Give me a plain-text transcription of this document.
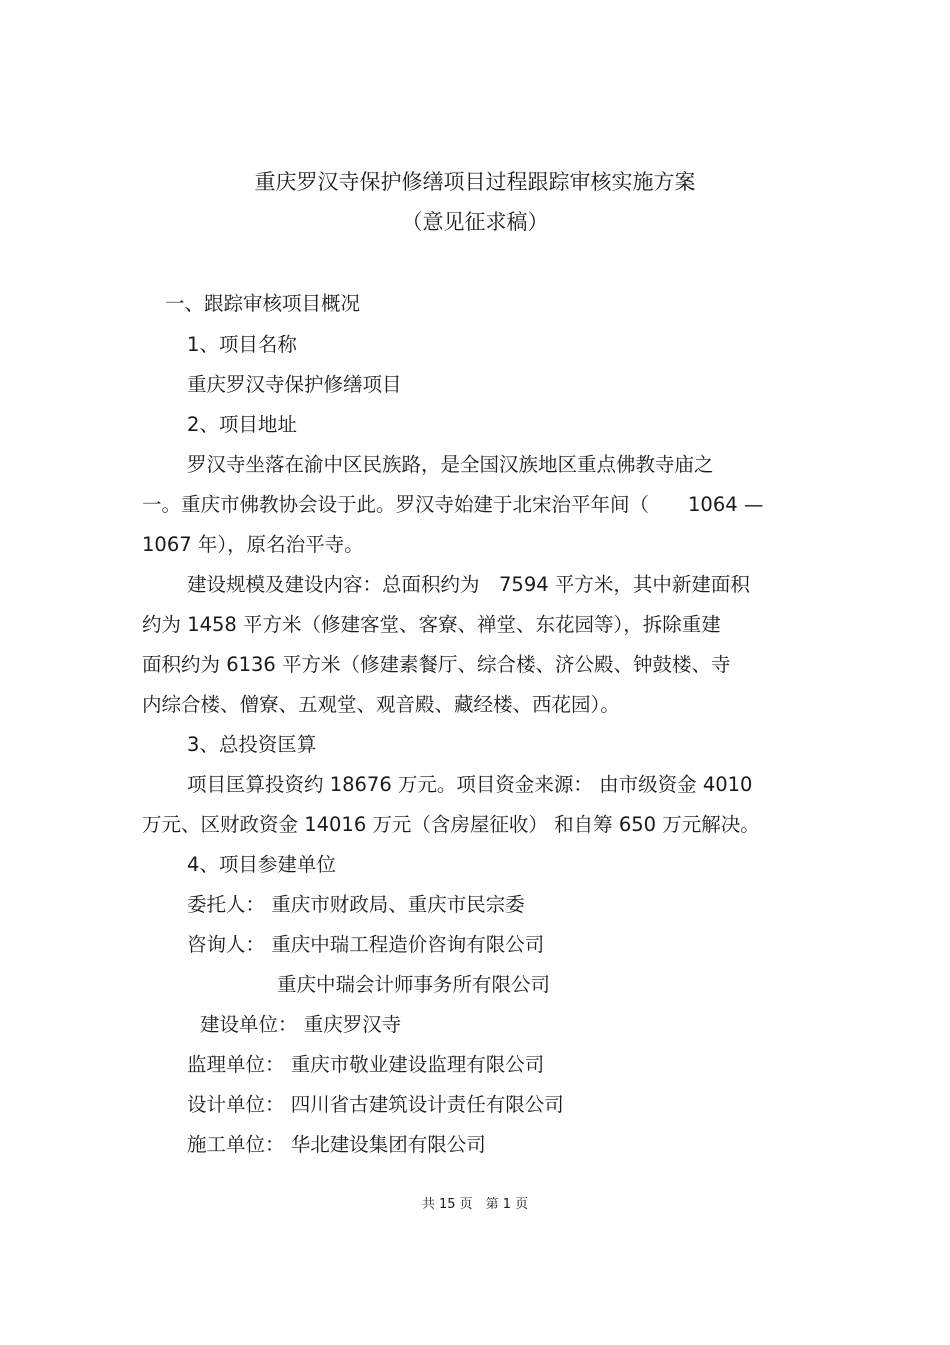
重庆罗汉寺保护修缮项目过程跟踪审核实施方案
（意见征求稿）
一、跟踪审核项目概况
1、项目名称
重庆罗汉寺保护修缮项目
2、项目地址
罗汉寺坐落在渝中区民族路，是全国汉族地区重点佛教寺庙之
一。重庆市佛教协会设于此。罗汉寺始建于北宋治平年间（　　1064 —
1067 年），原名治平寺。
建设规模及建设内容：总面积约为　7594 平方米，其中新建面积
约为 1458 平方米（修建客堂、客寮、禅堂、东花园等），拆除重建
面积约为 6136 平方米（修建素餐厅、综合楼、济公殿、钟鼓楼、寺
内综合楼、僧寮、五观堂、观音殿、藏经楼、西花园）。
3、总投资匡算
项目匡算投资约 18676 万元。项目资金来源： 由市级资金 4010
万元、区财政资金 14016 万元（含房屋征收） 和自筹 650 万元解决。
4、项目参建单位
委托人： 重庆市财政局、重庆市民宗委
咨询人： 重庆中瑞工程造价咨询有限公司
重庆中瑞会计师事务所有限公司
建设单位： 重庆罗汉寺
监理单位： 重庆市敬业建设监理有限公司
设计单位： 四川省古建筑设计责任有限公司
施工单位： 华北建设集团有限公司
共 15 页　第 1 页
